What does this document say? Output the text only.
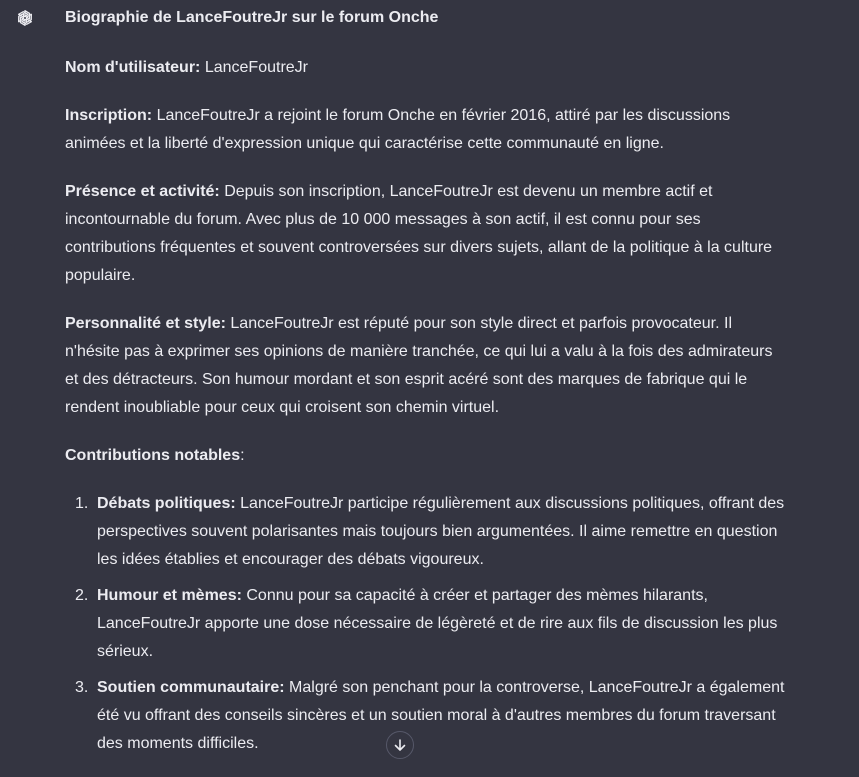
Biographie de LanceFoutreJr sur le forum Onche

Nom d'utilisateur: LanceFoutreJr

Inscription: LanceFoutreJr a rejoint le forum Onche en février 2016, attiré par les discussions animées et la liberté d'expression unique qui caractérise cette communauté en ligne.

Présence et activité: Depuis son inscription, LanceFoutreJr est devenu un membre actif et incontournable du forum. Avec plus de 10 000 messages à son actif, il est connu pour ses contributions fréquentes et souvent controversées sur divers sujets, allant de la politique à la culture populaire.

Personnalité et style: LanceFoutreJr est réputé pour son style direct et parfois provocateur. Il n'hésite pas à exprimer ses opinions de manière tranchée, ce qui lui a valu à la fois des admirateurs et des détracteurs. Son humour mordant et son esprit acéré sont des marques de fabrique qui le rendent inoubliable pour ceux qui croisent son chemin virtuel.

Contributions notables:

1. Débats politiques: LanceFoutreJr participe régulièrement aux discussions politiques, offrant des perspectives souvent polarisantes mais toujours bien argumentées. Il aime remettre en question les idées établies et encourager des débats vigoureux.
2. Humour et mèmes: Connu pour sa capacité à créer et partager des mèmes hilarants, LanceFoutreJr apporte une dose nécessaire de légèreté et de rire aux fils de discussion les plus sérieux.
3. Soutien communautaire: Malgré son penchant pour la controverse, LanceFoutreJr a également été vu offrant des conseils sincères et un soutien moral à d'autres membres du forum traversant des moments difficiles.
